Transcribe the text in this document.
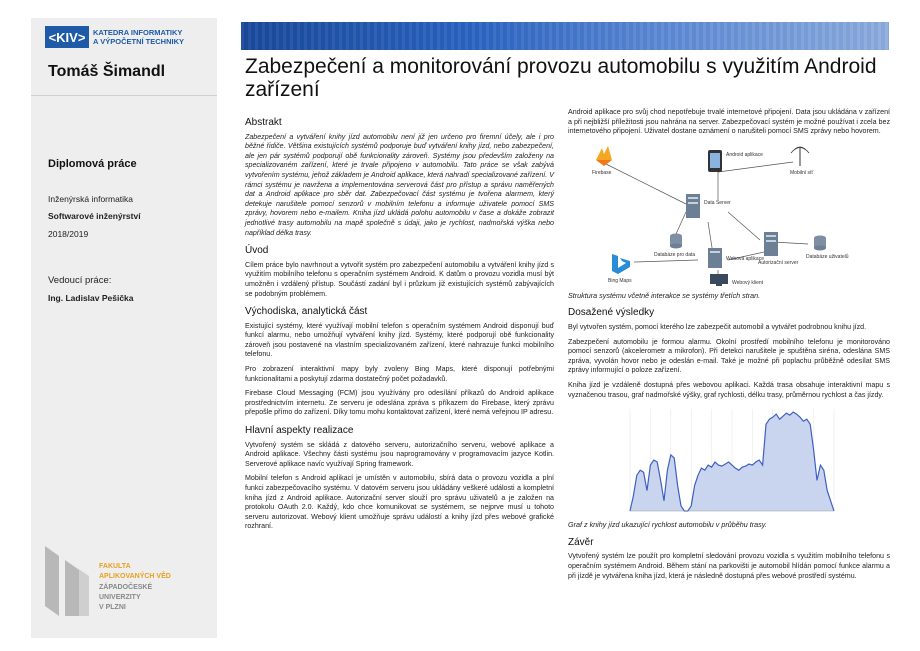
<KIV>	KATEDRA INFORMATIKY
A VÝPOČETNÍ TECHNIKY
Tomáš Šimandl
Diplomová práce
Inženýrská informatika
Softwarové inženýrství
2018/2019
Vedoucí práce:
Ing. Ladislav Pešička
FAKULTA
APLIKOVANÝCH VĚD
ZÁPADOČESKÉ
UNIVERZITY
V PLZNI
Zabezpečení a monitorování provozu automobilu s využitím Android zařízení
Abstrakt

Zabezpečení a vytváření knihy jízd automobilu není již jen určeno pro firemní účely, ale i pro běžné řidiče. Většina existujících systémů podporuje buď vytváření knihy jízd, nebo zabezpečení, ale jen pár systémů podporují obě funkcionality zároveň. Systémy jsou především založeny na specializovaném zařízení, které je trvale připojeno v automobilu. Tato práce se však zabývá vytvořením systému, jehož základem je Android aplikace, která nahradí specializované zařízení. V rámci systému je navržena a implementována serverová část pro přístup a správu naměřených dat a Android aplikace pro sběr dat. Zabezpečovací část systému je tvořena alarmem, který detekuje narušitele pomocí senzorů v mobilním telefonu a informuje uživatele pomocí SMS zprávy, hovorem nebo e-mailem. Kniha jízd ukládá polohu automobilu v čase a dokáže zobrazit jednotlivé trasy automobilu na mapě společně s údaji, jako je rychlost, nadmořská výška nebo například délka trasy.

Úvod

Cílem práce bylo navrhnout a vytvořit systém pro zabezpečení automobilu a vytváření knihy jízd s využitím mobilního telefonu s operačním systémem Android. K datům o provozu vozidla musí být umožněn i vzdálený přístup. Součástí zadání byl i průzkum již existujících systémů zabývajících se podobným problémem.

Východiska, analytická část

Existující systémy, které využívají mobilní telefon s operačním systémem Android disponují buď funkcí alarmu, nebo umožňují vytváření knihy jízd. Systémy, které podporují obě funkcionality zároveň jsou postavené na vlastním specializovaném zařízení, které nahrazuje funkci mobilního telefonu.

Pro zobrazení interaktivní mapy byly zvoleny Bing Maps, které disponují potřebnými funkcionalitami a poskytují zdarma dostatečný počet požadavků.

Firebase Cloud Messaging (FCM) jsou využívány pro odesílání příkazů do Android aplikace prostřednictvím internetu. Ze serveru je odeslána zpráva s příkazem do Firebase, který zprávu přepošle přímo do zařízení. Díky tomu mohu kontaktovat zařízení, které nemá veřejnou IP adresu.

Hlavní aspekty realizace

Vytvořený systém se skládá z datového serveru, autorizačního serveru, webové aplikace a Android aplikace. Všechny části systému jsou naprogramovány v programovacím jazyce Kotlin. Serverové aplikace navíc využívají Spring framework.

Mobilní telefon s Android aplikací je umístěn v automobilu, sbírá data o provozu vozidla a plní funkci zabezpečovacího systému. V datovém serveru jsou ukládány veškeré události a kompletní kniha jízd z Android aplikace. Autorizační server slouží pro správu uživatelů a je založen na protokolu OAuth 2.0. Každý, kdo chce komunikovat se systémem, se nejprve musí u tohoto serveru autorizovat. Webový klient umožňuje správu událostí a knihy jízd přes webové grafické rozhraní.

Android aplikace pro svůj chod nepotřebuje trvalé internetové připojení. Data jsou ukládána v zařízení a při nejbližší příležitosti jsou nahrána na server. Zabezpečovací systém je možné používat i zcela bez internetového připojení. Uživatel dostane oznámení o narušiteli pomocí SMS zprávy nebo hovorem.

Firebase
Android aplikace
Mobilní síť
Data Server
Databáze pro data
Autorizační server
Databáze uživatelů
Bing Maps
Webová aplikace
Webový klient

Struktura systému včetně interakce se systémy třetích stran.

Dosažené výsledky

Byl vytvořen systém, pomocí kterého lze zabezpečit automobil a vytvářet podrobnou knihu jízd.

Zabezpečení automobilu je formou alarmu. Okolní prostředí mobilního telefonu je monitorováno pomocí senzorů (akcelerometr a mikrofon). Při detekci narušitele je spuštěna siréna, odeslána SMS zpráva, vyvolán hovor nebo je odeslán e-mail. Také je možné při poplachu průběžně odesílat SMS zprávy informující o poloze zařízení.

Kniha jízd je vzdáleně dostupná přes webovou aplikaci. Každá trasa obsahuje interaktivní mapu s vyznačenou trasou, graf nadmořské výšky, graf rychlosti, délku trasy, průměrnou rychlost a čas jízdy.

Graf z knihy jízd ukazující rychlost automobilu v průběhu trasy.

Závěr

Vytvořený systém lze použít pro kompletní sledování provozu vozidla s využitím mobilního telefonu s operačním systémem Android. Během stání na parkovišti je automobil hlídán pomocí funkce alarmu a při jízdě je vytvářena kniha jízd, která je následně dostupná přes webové prostředí systému.
